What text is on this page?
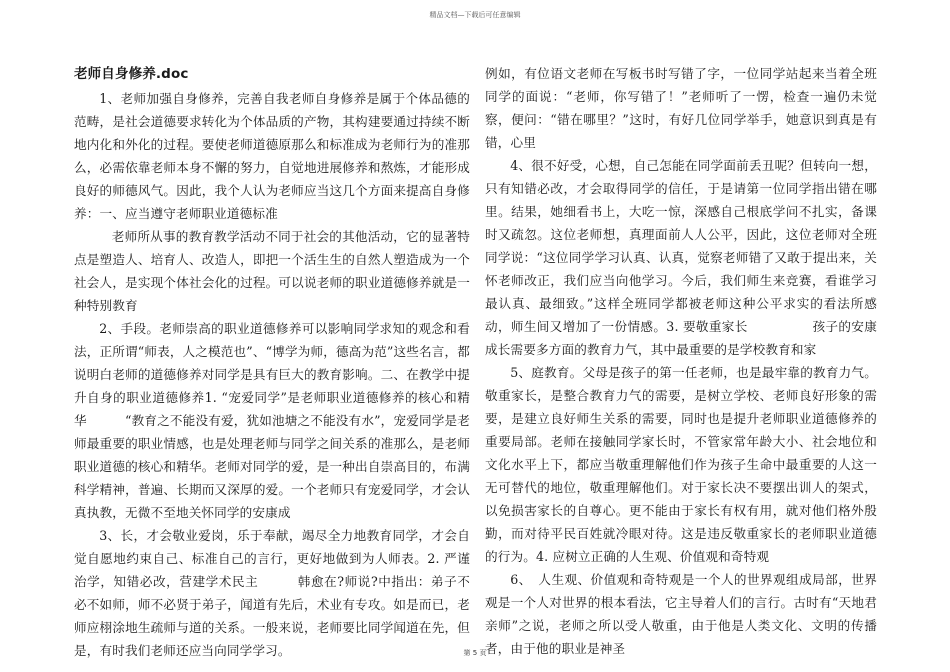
精品文档—下载后可任意编辑
老师自身修养.doc

1、老师加强自身修养，完善自我老师自身修养是属于个体品德的范畴，是社会道德要求转化为个体品质的产物，其构建要通过持续不断地内化和外化的过程。要使老师道德原那么和标准成为老师行为的准那么，必需依靠老师本身不懈的努力，自觉地进展修养和熬炼，才能形成良好的师德风气。因此，我个人认为老师应当这几个方面来提高自身修养：一、应当遵守老师职业道德标准

老师所从事的教育教学活动不同于社会的其他活动，它的显著特点是塑造人、培育人、改造人，即把一个活生生的自然人塑造成为一个社会人，是实现个体社会化的过程。可以说老师的职业道德修养就是一种特别教育

2、手段。老师崇高的职业道德修养可以影响同学求知的观念和看法，正所谓“师表，人之模范也”、“博学为师，德高为范”这些名言，都说明白老师的道德修养对同学是具有巨大的教育影响。二、在教学中提升自身的职业道德修养1. “宠爱同学”是老师职业道德修养的核心和精华　　　“教育之不能没有爱，犹如池塘之不能没有水”，宠爱同学是老师最重要的职业情感，也是处理老师与同学之间关系的准那么，是老师职业道德的核心和精华。老师对同学的爱，是一种出自崇高目的，布满科学精神，普遍、长期而又深厚的爱。一个老师只有宠爱同学，才会认真执教，无微不至地关怀同学的安康成

3、长，才会敬业爱岗，乐于奉献，竭尽全力地教育同学，才会自觉自愿地约束自己、标准自己的言行，更好地做到为人师表。2. 严谨治学，知错必改，营建学术民主　　　韩愈在?师说?中指出：弟子不必不如师，师不必贤于弟子，闻道有先后，术业有专攻。如是而已，老师应栩涂地生疏师与道的关系。一般来说，老师要比同学闻道在先，但是，有时我们老师还应当向同学学习。

例如，有位语文老师在写板书时写错了字，一位同学站起来当着全班同学的面说：“老师，你写错了！”老师听了一愣，检查一遍仍未觉察，便问：“错在哪里？”这时，有好几位同学举手，她意识到真是有错，心里

4、很不好受，心想，自己怎能在同学面前丢丑呢？但转向一想，只有知错必改，才会取得同学的信任，于是请第一位同学指出错在哪里。结果，她细看书上，大吃一惊，深感自己根底学问不扎实，备课时又疏忽。这位老师想，真理面前人人公平，因此，这位老师对全班同学说：“这位同学学习认真、认真，觉察老师错了又敢于提出来，关怀老师改正，我们应当向他学习。今后，我们师生来竞赛，看谁学习最认真、最细致。”这样全班同学都被老师这种公平求实的看法所感动，师生间又增加了一份情感。3. 要敬重家长　　　　　孩子的安康成长需要多方面的教育力气，其中最重要的是学校教育和家

5、庭教育。父母是孩子的第一任老师，也是最牢靠的教育力气。敬重家长，是整合教育力气的需要，是树立学校、老师良好形象的需要，是建立良好师生关系的需要，同时也是提升老师职业道德修养的重要局部。老师在接触同学家长时，不管家常年龄大小、社会地位和文化水平上下，都应当敬重理解他们作为孩子生命中最重要的人这一无可替代的地位，敬重理解他们。对于家长决不要摆出训人的架式，以免损害家长的自尊心。更不能由于家长有权有用，就对他们格外殷勤，而对待平民百姓就冷眼对待。这是违反敬重家长的老师职业道德的行为。4. 应树立正确的人生观、价值观和奇特观

6、　人生观、价值观和奇特观是一个人的世界观组成局部，世界观是一个人对世界的根本看法，它主导着人们的言行。古时有“天地君亲师”之说，老师之所以受人敬重，由于他是人类文化、文明的传播者，由于他的职业是神圣

第 5 页
